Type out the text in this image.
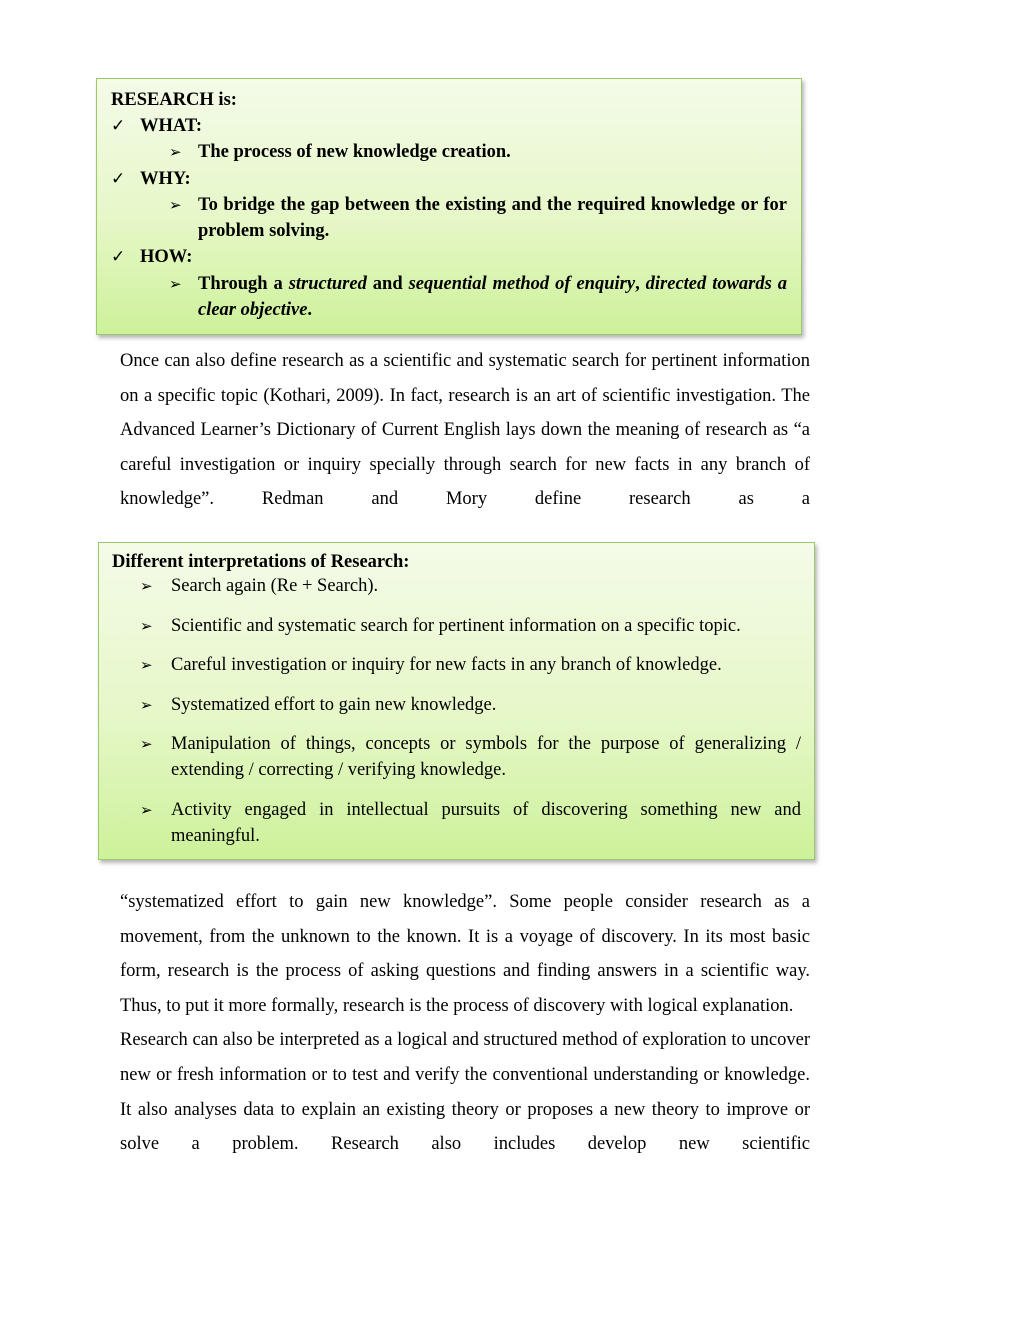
RESEARCH is:
✓ WHAT:
➢ The process of new knowledge creation.
✓ WHY:
➢ To bridge the gap between the existing and the required knowledge or for problem solving.
✓ HOW:
➢ Through a structured and sequential method of enquiry, directed towards a clear objective.
Once can also define research as a scientific and systematic search for pertinent information on a specific topic (Kothari, 2009). In fact, research is an art of scientific investigation. The Advanced Learner’s Dictionary of Current English lays down the meaning of research as “a careful investigation or inquiry specially through search for new facts in any branch of knowledge”. Redman and Mory define research as a
Different interpretations of Research:
➢ Search again (Re + Search).
➢ Scientific and systematic search for pertinent information on a specific topic.
➢ Careful investigation or inquiry for new facts in any branch of knowledge.
➢ Systematized effort to gain new knowledge.
➢ Manipulation of things, concepts or symbols for the purpose of generalizing / extending / correcting / verifying knowledge.
➢ Activity engaged in intellectual pursuits of discovering something new and meaningful.

“systematized effort to gain new knowledge”. Some people consider research as a movement, from the unknown to the known. It is a voyage of discovery. In its most basic form, research is the process of asking questions and finding answers in a scientific way. Thus, to put it more formally, research is the process of discovery with logical explanation.

Research can also be interpreted as a logical and structured method of exploration to uncover new or fresh information or to test and verify the conventional understanding or knowledge. It also analyses data to explain an existing theory or proposes a new theory to improve or solve a problem. Research also includes develop new scientific
